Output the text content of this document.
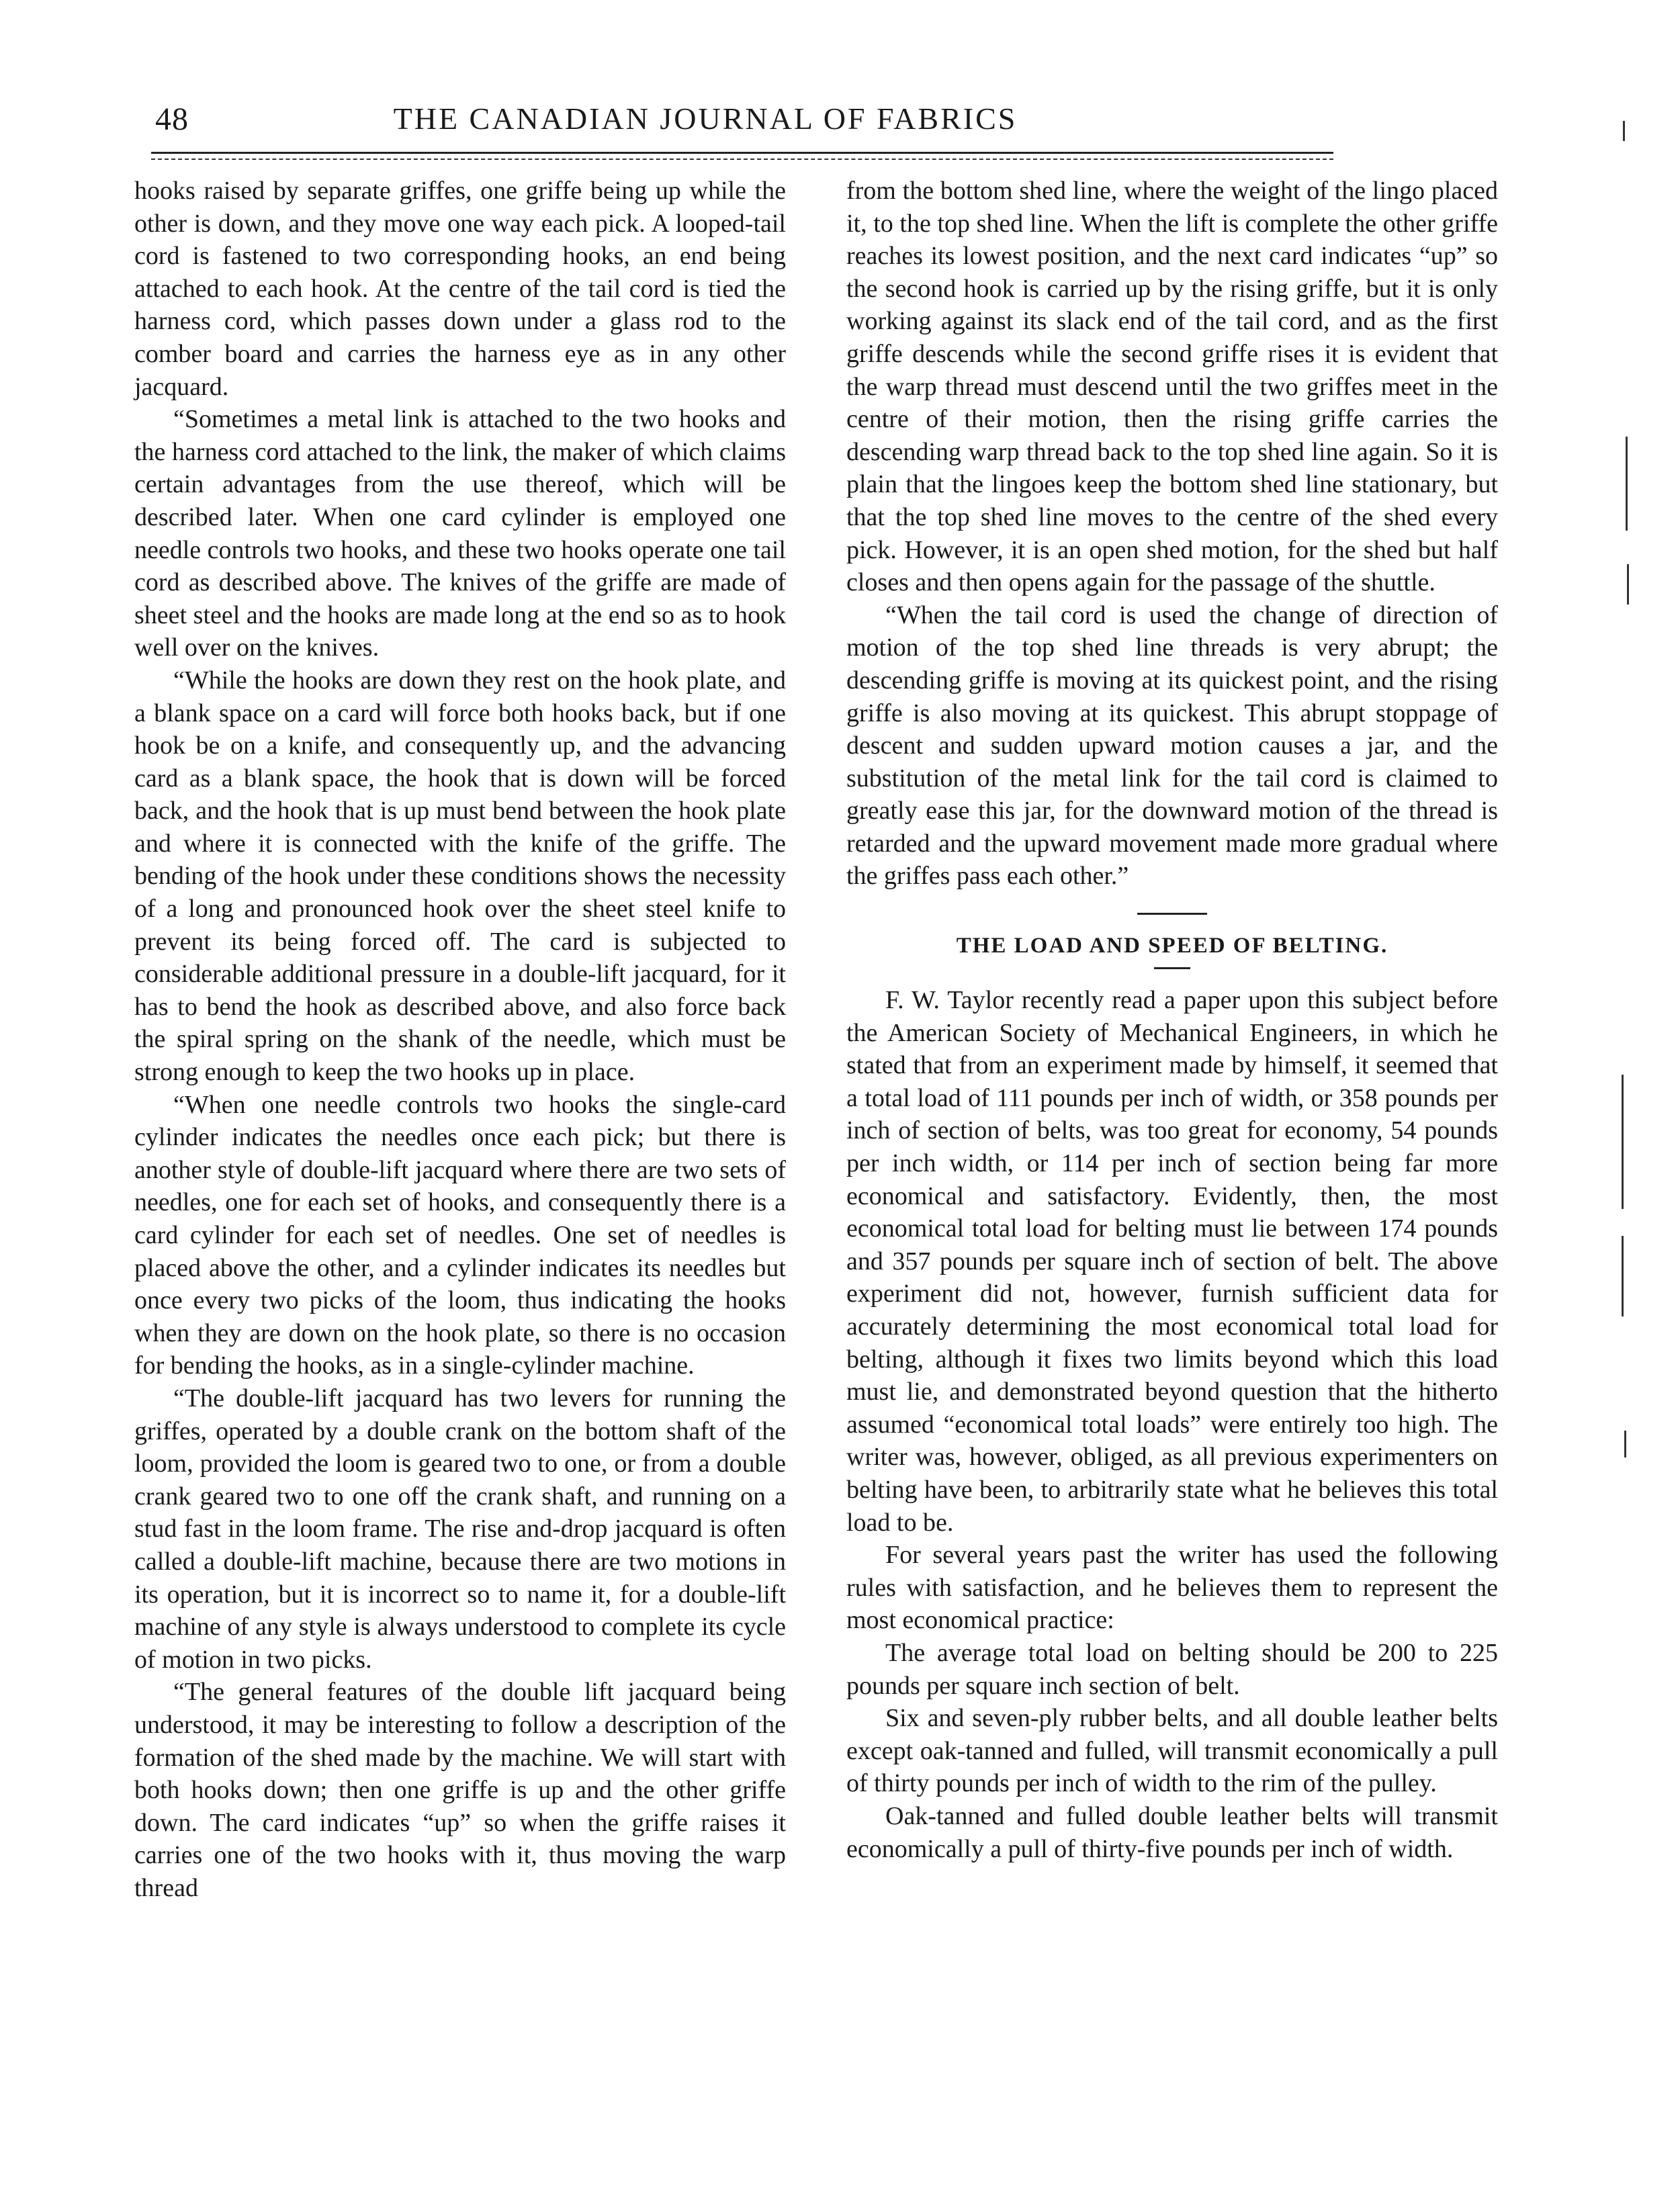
48	THE CANADIAN JOURNAL OF FABRICS

hooks raised by separate griffes, one griffe being up while the other is down, and they move one way each pick. A looped-tail cord is fastened to two corresponding hooks, an end being attached to each hook. At the centre of the tail cord is tied the harness cord, which passes down under a glass rod to the comber board and carries the harness eye as in any other jacquard.

“Sometimes a metal link is attached to the two hooks and the harness cord attached to the link, the maker of which claims certain advantages from the use thereof, which will be described later. When one card cylinder is employed one needle controls two hooks, and these two hooks operate one tail cord as described above. The knives of the griffe are made of sheet steel and the hooks are made long at the end so as to hook well over on the knives.

“While the hooks are down they rest on the hook plate, and a blank space on a card will force both hooks back, but if one hook be on a knife, and consequently up, and the advancing card as a blank space, the hook that is down will be forced back, and the hook that is up must bend between the hook plate and where it is connected with the knife of the griffe. The bending of the hook under these conditions shows the necessity of a long and pronounced hook over the sheet steel knife to prevent its being forced off. The card is subjected to considerable additional pressure in a double-lift jacquard, for it has to bend the hook as described above, and also force back the spiral spring on the shank of the needle, which must be strong enough to keep the two hooks up in place.

“When one needle controls two hooks the single-card cylinder indicates the needles once each pick; but there is another style of double-lift jacquard where there are two sets of needles, one for each set of hooks, and consequently there is a card cylinder for each set of needles. One set of needles is placed above the other, and a cylinder indicates its needles but once every two picks of the loom, thus indicating the hooks when they are down on the hook plate, so there is no occasion for bending the hooks, as in a single-cylinder machine.

“The double-lift jacquard has two levers for running the griffes, operated by a double crank on the bottom shaft of the loom, provided the loom is geared two to one, or from a double crank geared two to one off the crank shaft, and running on a stud fast in the loom frame. The rise and-drop jacquard is often called a double-lift machine, because there are two motions in its operation, but it is incorrect so to name it, for a double-lift machine of any style is always understood to complete its cycle of motion in two picks.

“The general features of the double lift jacquard being understood, it may be interesting to follow a description of the formation of the shed made by the machine. We will start with both hooks down; then one griffe is up and the other griffe down. The card indicates “up” so when the griffe raises it carries one of the two hooks with it, thus moving the warp thread

from the bottom shed line, where the weight of the lingo placed it, to the top shed line. When the lift is complete the other griffe reaches its lowest position, and the next card indicates “up” so the second hook is carried up by the rising griffe, but it is only working against its slack end of the tail cord, and as the first griffe descends while the second griffe rises it is evident that the warp thread must descend until the two griffes meet in the centre of their motion, then the rising griffe carries the descending warp thread back to the top shed line again. So it is plain that the lingoes keep the bottom shed line stationary, but that the top shed line moves to the centre of the shed every pick. However, it is an open shed motion, for the shed but half closes and then opens again for the passage of the shuttle.

“When the tail cord is used the change of direction of motion of the top shed line threads is very abrupt; the descending griffe is moving at its quickest point, and the rising griffe is also moving at its quickest. This abrupt stoppage of descent and sudden upward motion causes a jar, and the substitution of the metal link for the tail cord is claimed to greatly ease this jar, for the downward motion of the thread is retarded and the upward movement made more gradual where the griffes pass each other.”

THE LOAD AND SPEED OF BELTING.

F. W. Taylor recently read a paper upon this subject before the American Society of Mechanical Engineers, in which he stated that from an experiment made by himself, it seemed that a total load of 111 pounds per inch of width, or 358 pounds per inch of section of belts, was too great for economy, 54 pounds per inch width, or 114 per inch of section being far more economical and satisfactory. Evidently, then, the most economical total load for belting must lie between 174 pounds and 357 pounds per square inch of section of belt. The above experiment did not, however, furnish sufficient data for accurately determining the most economical total load for belting, although it fixes two limits beyond which this load must lie, and demonstrated beyond question that the hitherto assumed “economical total loads” were entirely too high. The writer was, however, obliged, as all previous experimenters on belting have been, to arbitrarily state what he believes this total load to be.

For several years past the writer has used the following rules with satisfaction, and he believes them to represent the most economical practice:

The average total load on belting should be 200 to 225 pounds per square inch section of belt.

Six and seven-ply rubber belts, and all double leather belts except oak-tanned and fulled, will transmit economically a pull of thirty pounds per inch of width to the rim of the pulley.

Oak-tanned and fulled double leather belts will transmit economically a pull of thirty-five pounds per inch of width.
